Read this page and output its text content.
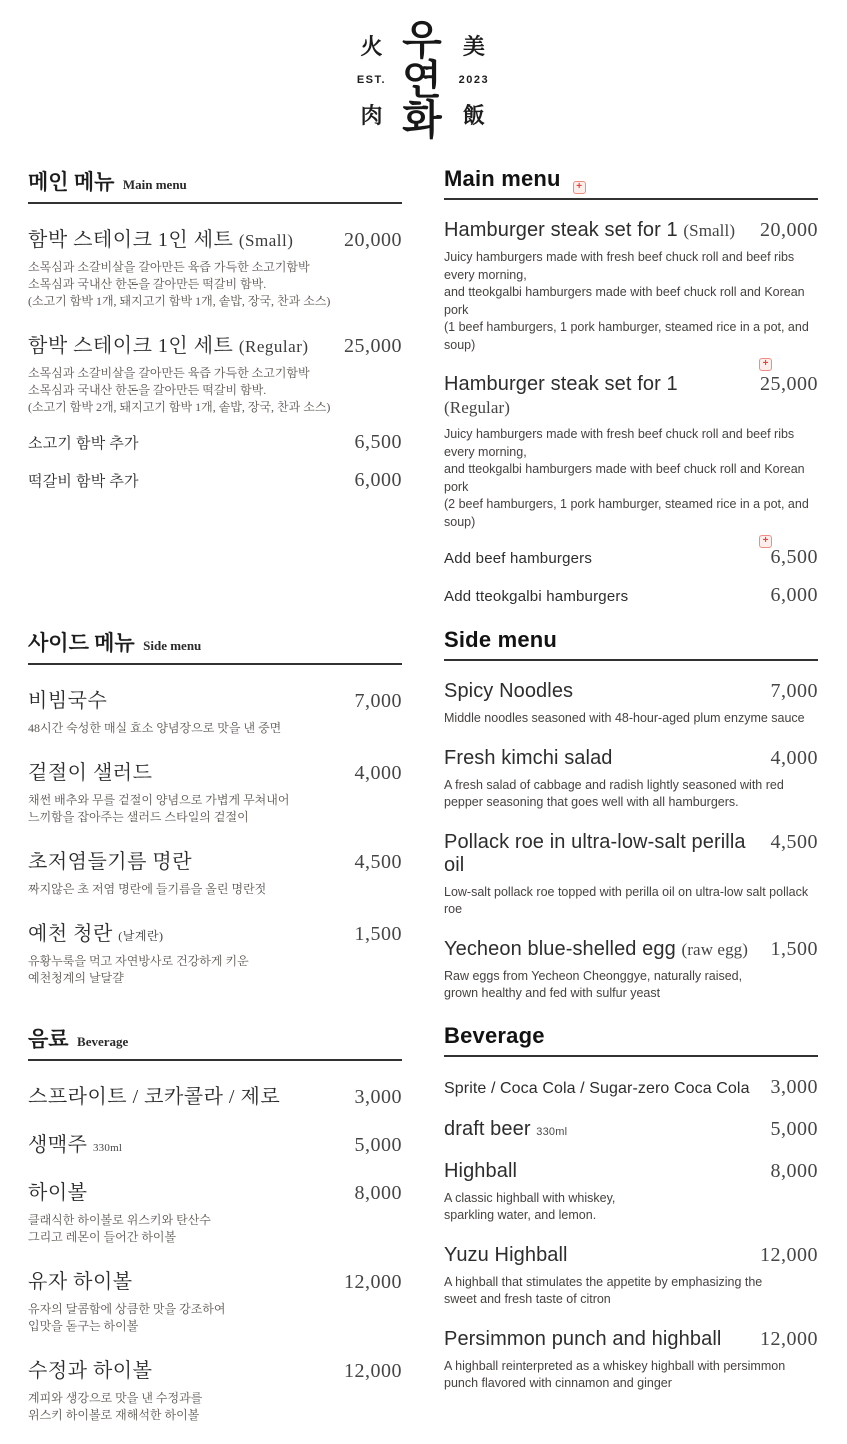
火
EST.
肉
우
연
화
美
2023
飯
메인 메뉴 Main menu
함박 스테이크 1인 세트 (Small)	20,000
소목심과 소갈비살을 갈아만든 육즙 가득한 소고기함박
소목심과 국내산 한돈을 갈아만든 떡갈비 함박.
(소고기 함박 1개, 돼지고기 함박 1개, 솥밥, 장국, 찬과 소스)
함박 스테이크 1인 세트 (Regular) 25,000
소목심과 소갈비살을 갈아만든 육즙 가득한 소고기함박
소목심과 국내산 한돈을 갈아만든 떡갈비 함박.
(소고기 함박 2개, 돼지고기 함박 1개, 솥밥, 장국, 찬과 소스)
소고기 함박 추가	6,500
떡갈비 함박 추가	6,000
Main menu+
Hamburger steak set for 1 (Small) 20,000
Juicy hamburgers made with fresh beef chuck roll and beef ribs every morning,
and tteokgalbi hamburgers made with beef chuck roll and Korean pork
(1 beef hamburgers, 1 pork hamburger, steamed rice in a pot, and soup)
+
Hamburger steak set for 1 (Regular)
25,000
Juicy hamburgers made with fresh beef chuck roll and beef ribs every morning,
and tteokgalbi hamburgers made with beef chuck roll and Korean pork
(2 beef hamburgers, 1 pork hamburger, steamed rice in a pot, and soup)
+
Add beef hamburgers	6,500
Add tteokgalbi hamburgers	6,000
사이드 메뉴 Side menu
비빔국수	7,000
48시간 숙성한 매실 효소 양념장으로 맛을 낸 중면
겉절이 샐러드	4,000
채썬 배추와 무를 겉절이 양념으로 가볍게 무쳐내어
느끼함을 잡아주는 샐러드 스타일의 겉절이
초저염들기름 명란	4,500
짜지않은 초 저염 명란에 들기름을 올린 명란젓
예천 청란 (날계란)	1,500
유황누룩을 먹고 자연방사로 건강하게 키운
예천청계의 날달걀
Side menu
Spicy Noodles	7,000
Middle noodles seasoned with 48-hour-aged plum enzyme sauce
Fresh kimchi salad	4,000
A fresh salad of cabbage and radish lightly seasoned with red
pepper seasoning that goes well with all hamburgers.
Pollack roe in ultra-low-salt perilla oil
4,500
Low-salt pollack roe topped with perilla oil on ultra-low salt pollack roe
Yecheon blue-shelled egg (raw egg) 1,500
Raw eggs from Yecheon Cheonggye, naturally raised,
grown healthy and fed with sulfur yeast
음료 Beverage
스프라이트 / 코카콜라 / 제로	3,000
생맥주 330ml	5,000
하이볼	8,000
클래식한 하이볼로 위스키와 탄산수
그리고 레몬이 들어간 하이볼
유자 하이볼	12,000
유자의 달콤함에 상큼한 맛을 강조하여
입맛을 돋구는 하이볼
수정과 하이볼	12,000
계피와 생강으로 맛을 낸 수정과를
위스키 하이볼로 재해석한 하이볼
Beverage
Sprite / Coca Cola / Sugar-zero Coca Cola 3,000
draft beer 330ml	5,000
Highball	8,000
A classic highball with whiskey,
sparkling water, and lemon.
Yuzu Highball	12,000
A highball that stimulates the appetite by emphasizing the
sweet and fresh taste of citron
Persimmon punch and highball 12,000
A highball reinterpreted as a whiskey highball with persimmon
punch flavored with cinnamon and ginger
